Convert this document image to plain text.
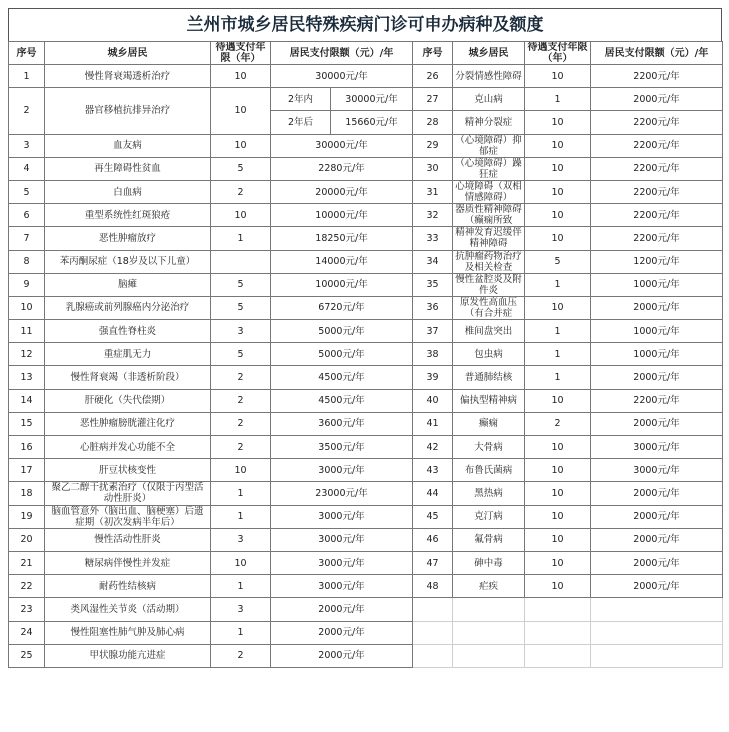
兰州市城乡居民特殊疾病门诊可申办病种及额度
序号	城乡居民	待遇支付年限（年）	居民支付限额（元）/年		序号	城乡居民	待遇支付年限（年）	居民支付限额（元）/年
1	慢性肾衰竭透析治疗	10	30000元/年		26	分裂情感性障碍	10	2200元/年
2	器官移植抗排异治疗	10	2年内	30000元/年	27	克山病	1	2000元/年
			2年后	15660元/年	28	精神分裂症	10	2200元/年
3	血友病	10	30000元/年		29	（心境障碍）抑郁症	10	2200元/年
4	再生障碍性贫血	5	2280元/年		30	（心境障碍）躁狂症	10	2200元/年
5	白血病	2	20000元/年		31	心境障碍（双相情感障碍）	10	2200元/年
6	重型系统性红斑狼疮	10	10000元/年		32	器质性精神障碍（癫痫所致	10	2200元/年
7	恶性肿瘤放疗	1	18250元/年		33	精神发育迟缓伴精神障碍	10	2200元/年
8	苯丙酮尿症（18岁及以下儿童）		14000元/年		34	抗肿瘤药物治疗及相关检查	5	1200元/年
9	脑瘫	5	10000元/年		35	慢性盆腔炎及附件炎	1	1000元/年
10	乳腺癌或前列腺癌内分泌治疗	5	6720元/年		36	原发性高血压（有合并症	10	2000元/年
11	强直性脊柱炎	3	5000元/年		37	椎间盘突出	1	1000元/年
12	重症肌无力	5	5000元/年		38	包虫病	1	1000元/年
13	慢性肾衰竭（非透析阶段）	2	4500元/年		39	普通肺结核	1	2000元/年
14	肝硬化（失代偿期）	2	4500元/年		40	偏执型精神病	10	2200元/年
15	恶性肿瘤膀胱灌注化疗	2	3600元/年		41	癫痫	2	2000元/年
16	心脏病并发心功能不全	2	3500元/年		42	大骨病	10	3000元/年
17	肝豆状核变性	10	3000元/年		43	布鲁氏菌病	10	3000元/年
18	聚乙二醇干扰素治疗（仅限于丙型活动性肝炎）	1	23000元/年		44	黑热病	10	2000元/年
19	脑血管意外（脑出血、脑梗塞）后遗症期（初次发病半年后）	1	3000元/年		45	克汀病	10	2000元/年
20	慢性活动性肝炎	3	3000元/年		46	氟骨病	10	2000元/年
21	糖尿病伴慢性并发症	10	3000元/年		47	砷中毒	10	2000元/年
22	耐药性结核病	1	3000元/年		48	疟疾	10	2000元/年
23	类风湿性关节炎（活动期）	3	2000元/年					
24	慢性阻塞性肺气肿及肺心病	1	2000元/年					
25	甲状腺功能亢进症	2	2000元/年					
